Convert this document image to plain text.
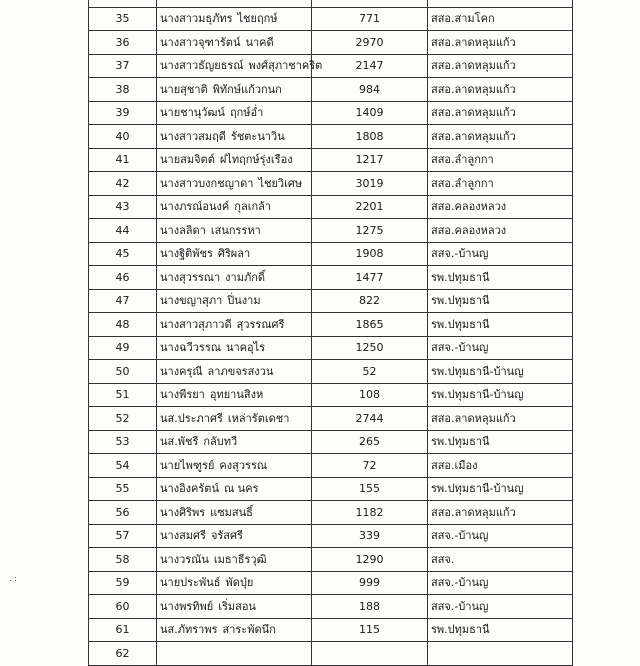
35	นางสาวมธุภัทร ไชยฤกษ์	771	สสอ.สามโคก
36	นางสาวจุฑารัตน์ นาคดี	2970	สสอ.ลาดหลุมแก้ว
37	นางสาวธัญยธรณ์ พงศ์สุภาชาคริต	2147	สสอ.ลาดหลุมแก้ว
38	นายสุชาติ พิทักษ์แก้วกนก	984	สสอ.ลาดหลุมแก้ว
39	นายชานุวัฒน์ ฤกษ์อ่ำ	1409	สสอ.ลาดหลุมแก้ว
40	นางสาวสมฤดี รัชตะนาวิน	1808	สสอ.ลาดหลุมแก้ว
41	นายสมจิตต์ ฝไทฤกษ์รุ่งเรือง	1217	สสอ.ลำลูกกา
42	นางสาวบงกชญาดา ไชยวิเศษ	3019	สสอ.ลำลูกกา
43	นางภรณ์อนงค์ กุลเกล้า	2201	สสอ.คลองหลวง
44	นางลลิดา เสนกรรหา	1275	สสอ.คลองหลวง
45	นางฐิติพัชร ศิริผลา	1908	สสจ.-บ้านญ
46	นางสุวรรณา งามภักดิ์	1477	รพ.ปทุมธานี
47	นางขญาสุภา ปิ่นงาม	822	รพ.ปทุมธานี
48	นางสาวสุภาวดี สุวรรณศรี	1865	รพ.ปทุมธานี
49	นางฉวีวรรณ นาคอุไร	1250	สสจ.-บ้านญ
50	นางครุณี ลาภขจรสงวน	52	รพ.ปทุมธานี-บ้านญ
51	นางพีรยา อุทยานสิงห	108	รพ.ปทุมธานี-บ้านญ
52	นส.ประภาศรี เหล่ารัตเดชา	2744	สสอ.ลาดหลุมแก้ว
53	นส.พัชรี กลับทวี	265	รพ.ปทุมธานี
54	นายไพฑูรย์ คงสุวรรณ	72	สสอ.เมือง
55	นางอิงครัตน์ ณ นคร	155	รพ.ปทุมธานี-บ้านญ
56	นางศิริพร แซมสนธิ์	1182	สสอ.ลาดหลุมแก้ว
57	นางสมศรี จรัสศรี	339	สสจ.-บ้านญ
58	นางวรณัน เมธาธีรวุฒิ	1290	สสจ.
59	นายประพันธ์ พัดปุ่ย	999	สสจ.-บ้านญ
60	นางพรทิพย์ เริ่มสอน	188	สสจ.-บ้านญ
61	นส.ภัทราพร สาระพัดนึก	115	รพ.ปทุมธานี
62			
. :
